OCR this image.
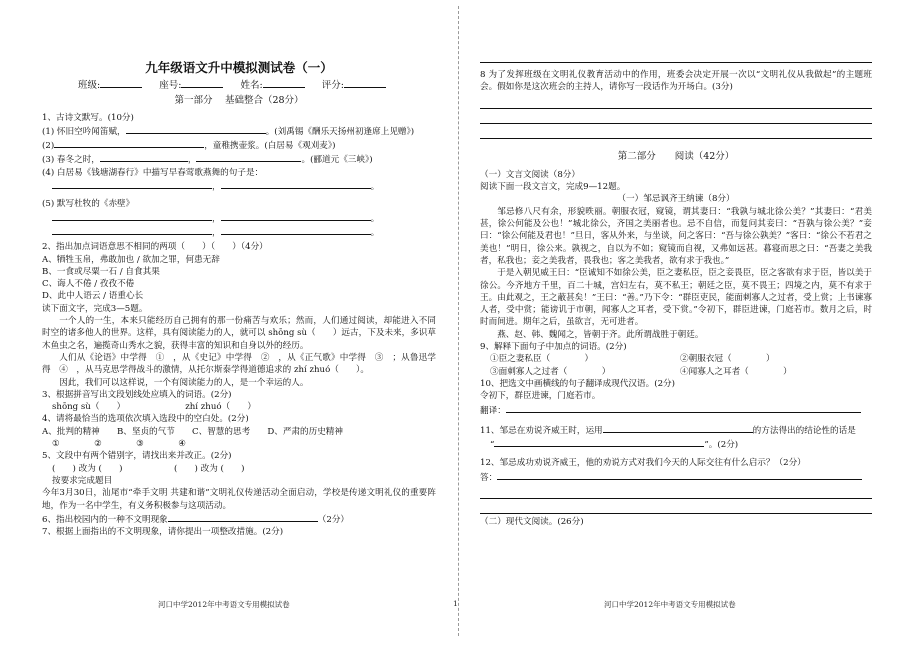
九年级语文升中模拟测试卷（一）
班级:	座号:	姓名:	评分:
第一部分　 基础整合（28分）
1、古诗文默写。(10分)
(1) 怀旧空吟闻笛赋，	。(刘禹锡《酬乐天扬州初逢席上见赠》)
(2)	，童稚携壶浆。(白居易《观刈麦》)
(3) 春冬之时，	，	。(郦道元《三峡》)
(4) 白居易《钱塘湖春行》中描写早春莺歌燕舞的句子是：
，	。
(5) 默写杜牧的《赤壁》
，	。
，	。
2、指出加点词语意思不相同的两项（　　）（　　）（4分）
A、牺牲玉帛，弗敢加也 / 欲加之罪，何患无辞
B、一食或尽粟一石 / 自食其果
C、诲人不倦 / 孜孜不倦
D、此中人语云 / 语重心长
读下面文字，完成3—5题。
一个人的一生，本来只能经历自己拥有的那一份痛苦与欢乐；然而，人们通过阅读，却能进入不同时空的诸多他人的世界。这样，具有阅读能力的人，就可以 shōng sù（　　）远古，下及未来，多识草木鱼虫之名，遍揽奇山秀水之貌，获得丰富的知识和自身以外的经历。
人们从《论语》中学得　①　，从《史记》中学得　②　，从《正气歌》中学得　③　；从鲁迅学得　④　，从马克思学得战斗的激情，从托尔斯泰学得道德追求的 zhí zhuó（　　）。
因此，我们可以这样说，一个有阅读能力的人，是一个幸运的人。
3、根据拼音写出文段划线处应填入的词语。(2分)
shōng sù（　　）	zhí zhuó（　　）
4、请将最恰当的选项依次填入选段中的空白处。(2分)
A、批判的精神　　B、坚贞的气节　　C、智慧的思考　　D、严肃的历史精神
①　　　　②　　　　③　　　　④
5、文段中有两个错别字，请找出来并改正。(2分)
(　　) 改为 (　　)　　　　　　(　　) 改为 (　　)
按要求完成题目
今年3月30日，汕尾市“牵手文明 共建和谐”文明礼仪传递活动全面启动，学校是传递文明礼仪的重要阵地，作为一名中学生，有义务积极参与这项活动。
6、指出校园内的一种不文明现象	（2分）
7、根据上面指出的不文明现象，请你提出一项整改措施。(2分)
河口中学2012年中考语文专用模拟试卷	1
8 为了发挥班级在文明礼仪教育活动中的作用，班委会决定开展一次以“文明礼仪从我做起”的主题班会。假如你是这次班会的主持人，请你写一段话作为开场白。(3分)
第二部分　　阅读（42分）
（一）文言文阅读（8分）
阅读下面一段文言文，完成9—12题。
（一）邹忌讽齐王纳谏（8分）
邹忌修八尺有余，形貌昳丽。朝服衣冠，窥镜，谓其妻曰：“我孰与城北徐公美？”其妻曰：“君美甚，徐公何能及公也！”城北徐公，齐国之美丽者也。忌不自信，而复问其妾曰：“吾孰与徐公美？”妾曰：“徐公何能及君也！”旦日，客从外来，与坐谈，问之客曰：“吾与徐公孰美？”客曰：“徐公不若君之美也！”明日，徐公来。孰视之，自以为不如；窥镜而自视，又弗如远甚。暮寝而思之曰：“吾妻之美我者，私我也；妾之美我者，畏我也；客之美我者，欲有求于我也。”
于是入朝见威王曰：“臣诚知不如徐公美，臣之妻私臣，臣之妾畏臣，臣之客欲有求于臣，皆以美于徐公。今齐地方千里，百二十城，宫妇左右，莫不私王；朝廷之臣，莫不畏王；四境之内，莫不有求于王。由此观之，王之蔽甚矣！”王曰：“善。”乃下令：“群臣吏民，能面刺寡人之过者，受上赏；上书谏寡人者，受中赏；能谤讥于市朝，闻寡人之耳者，受下赏。”令初下，群臣进谏，门庭若市。数月之后，时时而间进。期年之后，虽欲言，无可进者。
燕、赵、韩、魏闻之，皆朝于齐。此所谓战胜于朝廷。
9、解释下面句子中加点的词语。(2分)
①臣之妻私臣（　　　　）	②朝服衣冠（　　　　）
③面刺寡人之过者（　　　　）	④闻寡人之耳者（　　　　）
10、把选文中画横线的句子翻译成现代汉语。(2分)
令初下，群臣进谏，门庭若市。
翻译：
11、邹忌在劝说齐威王时，运用	的方法得出的结论性的话是
“	”。(2分)
12、邹忌成功劝说齐威王，他的劝说方式对我们今天的人际交往有什么启示？（2分）
答：
（二）现代文阅读。(26分)
河口中学2012年中考语文专用模拟试卷
